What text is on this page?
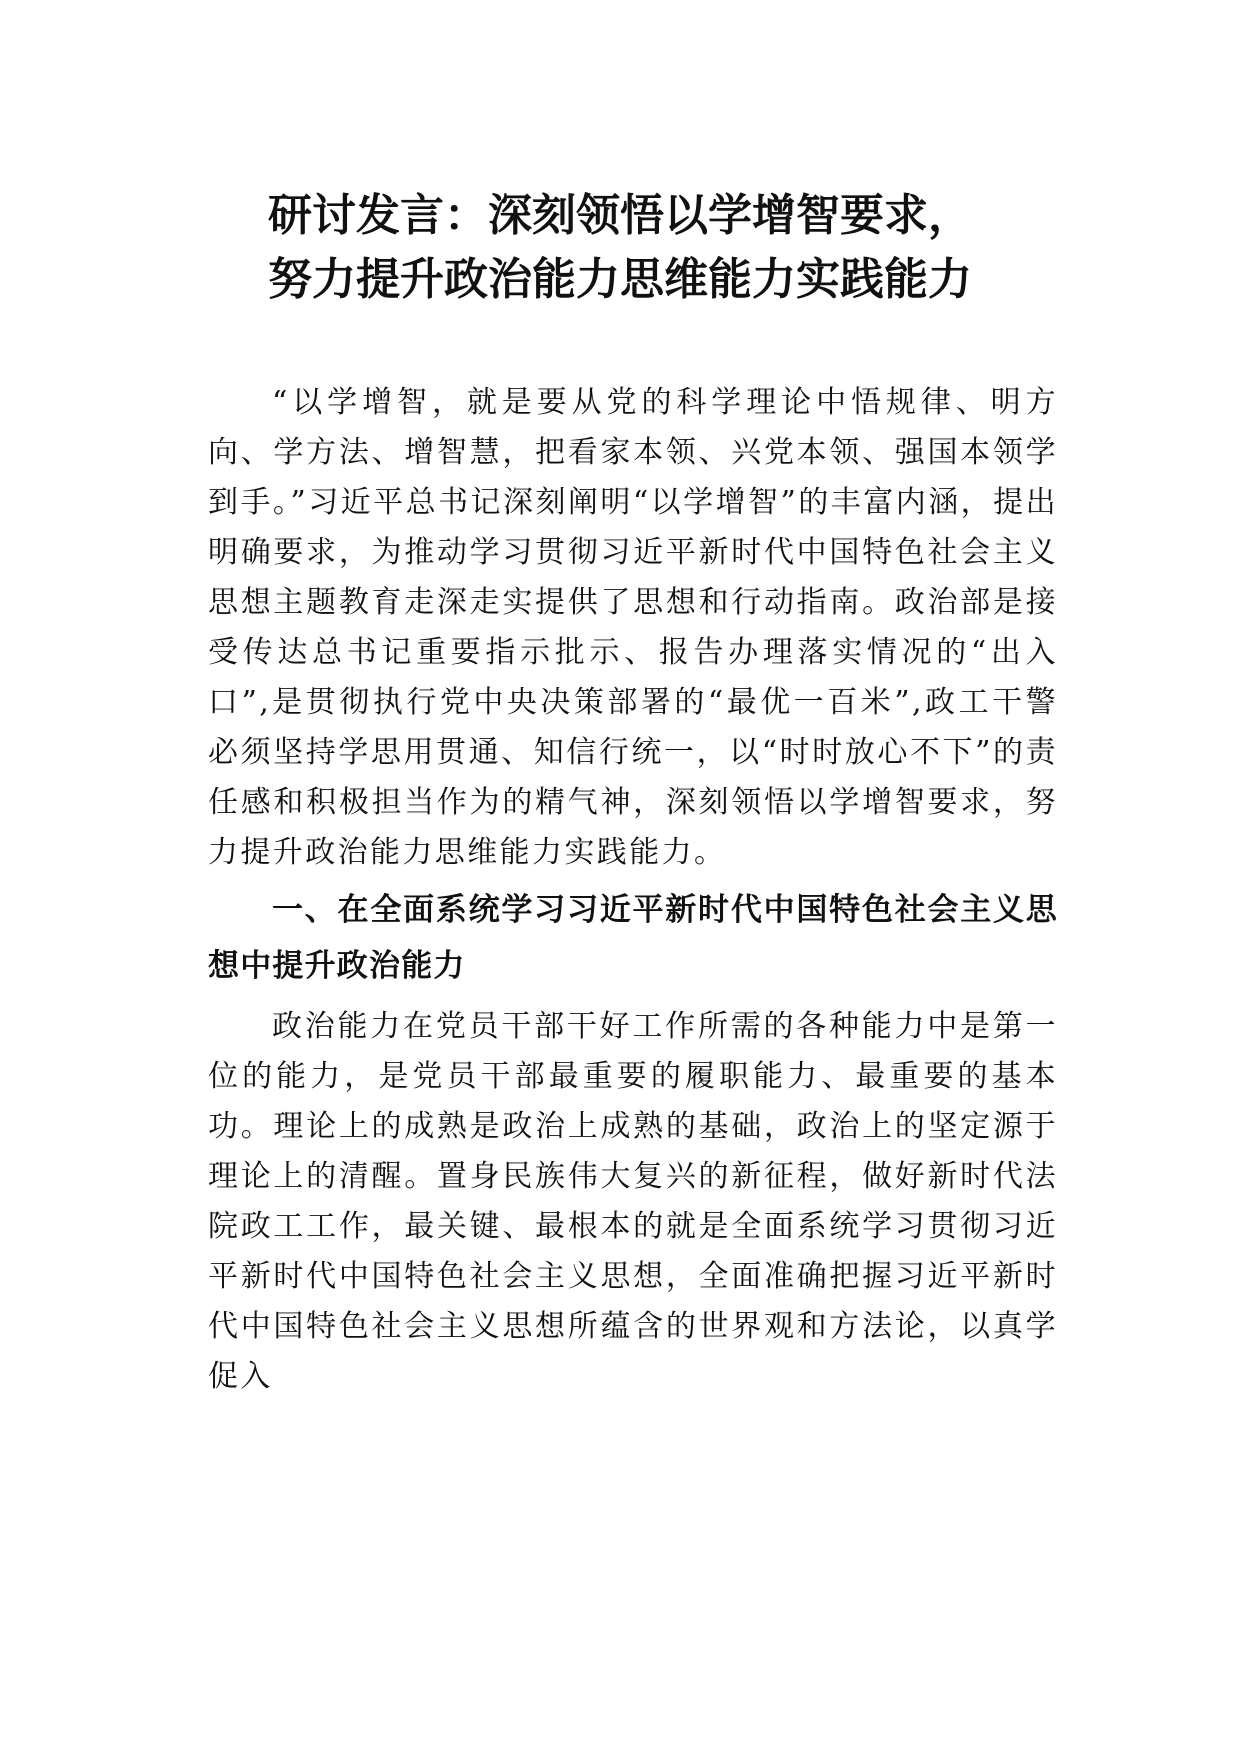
研讨发言：深刻领悟以学增智要求，
努力提升政治能力思维能力实践能力

“以学增智，就是要从党的科学理论中悟规律、明方向、学方法、增智慧，把看家本领、兴党本领、强国本领学到手。”习近平总书记深刻阐明“以学增智”的丰富内涵，提出明确要求，为推动学习贯彻习近平新时代中国特色社会主义思想主题教育走深走实提供了思想和行动指南。政治部是接受传达总书记重要指示批示、报告办理落实情况的“出入口”,是贯彻执行党中央决策部署的“最优一百米”,政工干警必须坚持学思用贯通、知信行统一，以“时时放心不下”的责任感和积极担当作为的精气神，深刻领悟以学增智要求，努力提升政治能力思维能力实践能力。

一、在全面系统学习习近平新时代中国特色社会主义思想中提升政治能力

政治能力在党员干部干好工作所需的各种能力中是第一位的能力，是党员干部最重要的履职能力、最重要的基本功。理论上的成熟是政治上成熟的基础，政治上的坚定源于理论上的清醒。置身民族伟大复兴的新征程，做好新时代法院政工工作，最关键、最根本的就是全面系统学习贯彻习近平新时代中国特色社会主义思想，全面准确把握习近平新时代中国特色社会主义思想所蕴含的世界观和方法论，以真学促入
